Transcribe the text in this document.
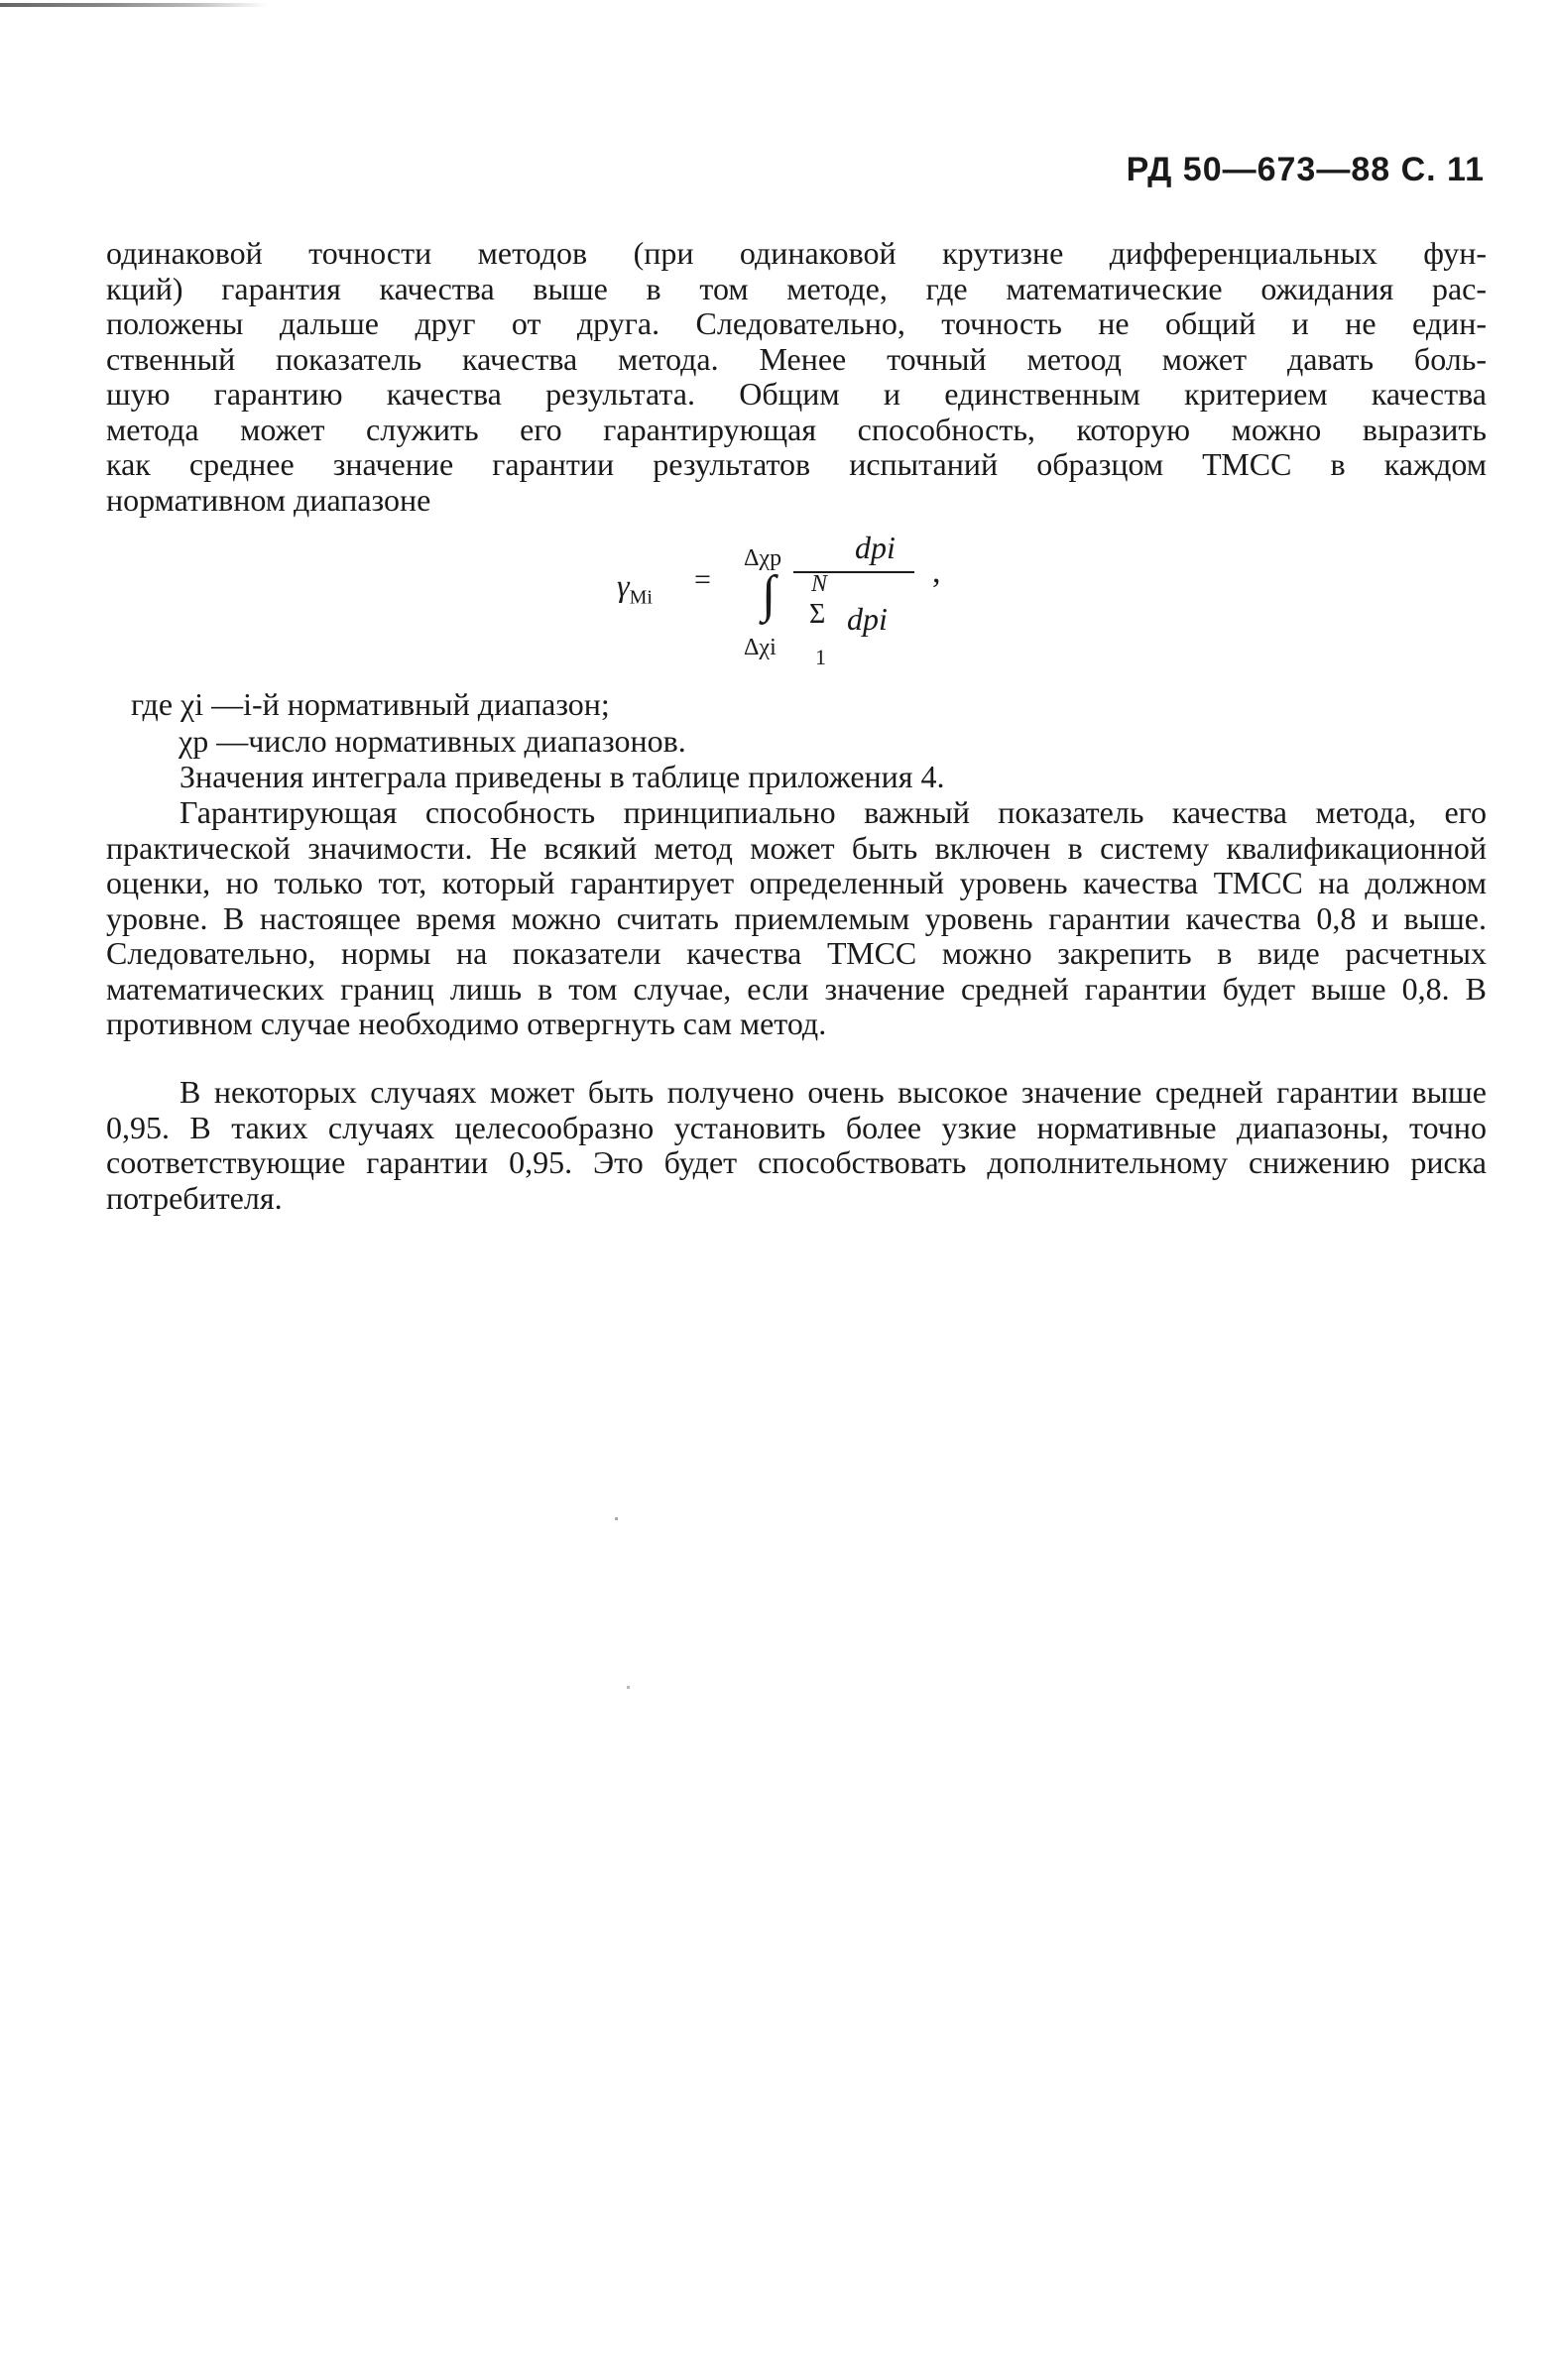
РД 50—673—88 С. 11
одинаковой точности методов (при одинаковой крутизне дифференциальных фун-
кций) гарантия качества выше в том методе, где математические ожидания рас-
положены дальше друг от друга. Следовательно, точность не общий и не един-
ственный показатель качества метода. Менее точный метоод может давать боль-
шую гарантию качества результата. Общим и единственным критерием качества
метода может служить его гарантирующая способность, которую можно выразить
как среднее значение гарантии результатов испытаний образцом ТМСС в каждом
нормативном диапазоне
$\gamma_{Mi}$
=
Δχp
∫
Δχi
dpi
N
Σ dpi
1
,
где χi —i-й нормативный диапазон;
χp —число нормативных диапазонов.
Значения интеграла приведены в таблице приложения 4.
Гарантирующая способность принципиально важный показатель качества метода, его практической значимости. Не всякий метод может быть включен в систему квалификационной оценки, но только тот, который гарантирует определенный уровень качества ТМСС на должном уровне. В настоящее время можно считать приемлемым уровень гарантии качества 0,8 и выше. Следовательно, нормы на показатели качества ТМСС можно закрепить в виде расчетных математических границ лишь в том случае, если значение средней гарантии будет выше 0,8. В противном случае необходимо отвергнуть сам метод.
В некоторых случаях может быть получено очень высокое значение средней гарантии выше 0,95. В таких случаях целесообразно установить более узкие нормативные диапазоны, точно соответствующие гарантии 0,95. Это будет способствовать дополнительному снижению риска потребителя.
